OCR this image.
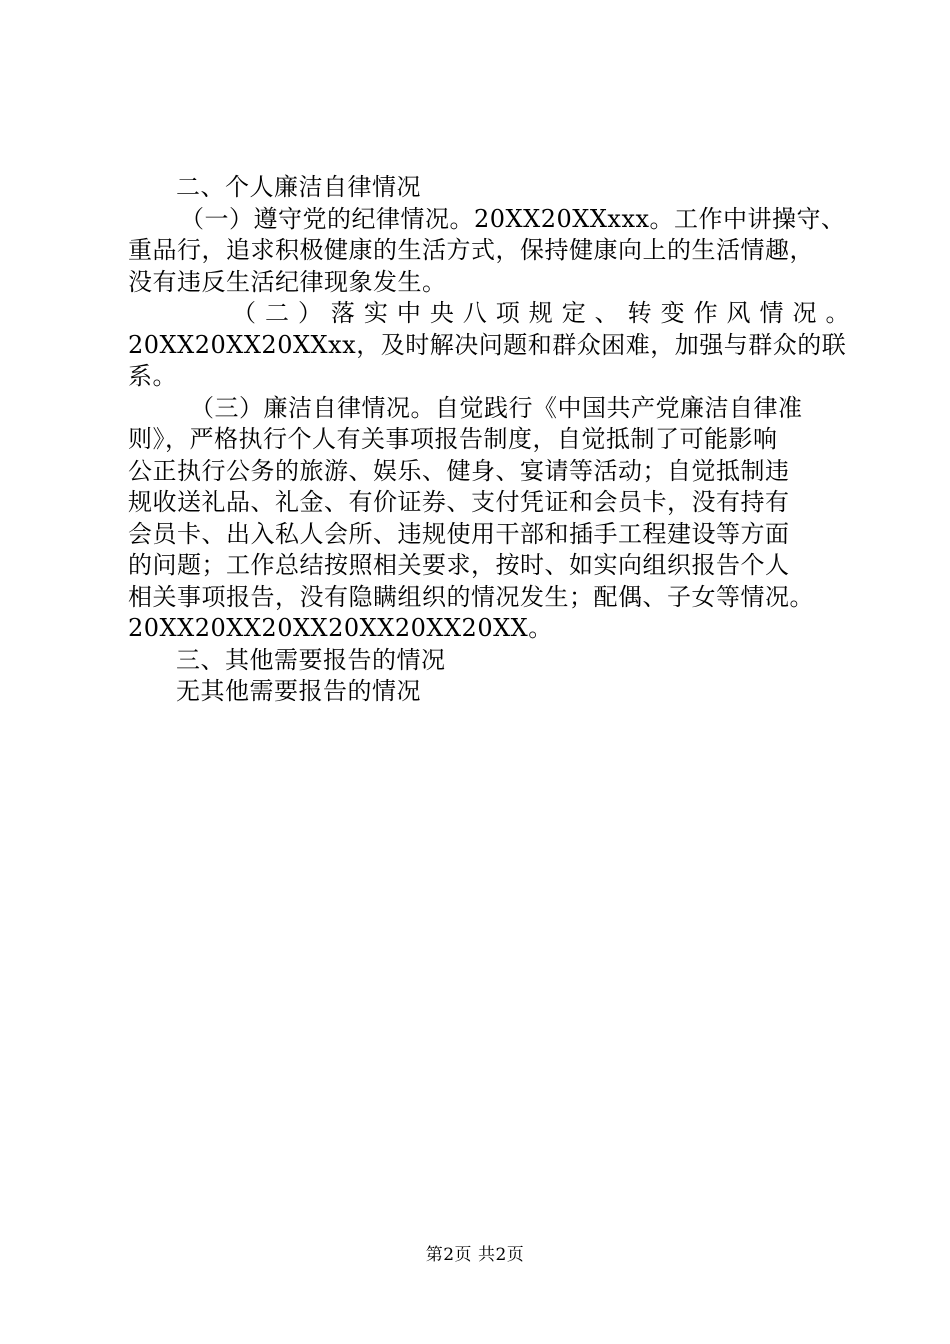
二、个人廉洁自律情况
（一）遵守党的纪律情况。20XX20XXxxx。工作中讲操守、
重品行，追求积极健康的生活方式，保持健康向上的生活情趣，
没有违反生活纪律现象发生。
（ 二 ） 落 实 中 央 八 项 规 定 、 转 变 作 风 情 况 。
20XX20XX20XXxx，及时解决问题和群众困难，加强与群众的联
系。
（三）廉洁自律情况。自觉践行《中国共产党廉洁自律准
则》，严格执行个人有关事项报告制度，自觉抵制了可能影响
公正执行公务的旅游、娱乐、健身、宴请等活动；自觉抵制违
规收送礼品、礼金、有价证券、支付凭证和会员卡，没有持有
会员卡、出入私人会所、违规使用干部和插手工程建设等方面
的问题；工作总结按照相关要求，按时、如实向组织报告个人
相关事项报告，没有隐瞒组织的情况发生；配偶、子女等情况。
20XX20XX20XX20XX20XX20XX。
三、其他需要报告的情况
无其他需要报告的情况
第2页 共2页
